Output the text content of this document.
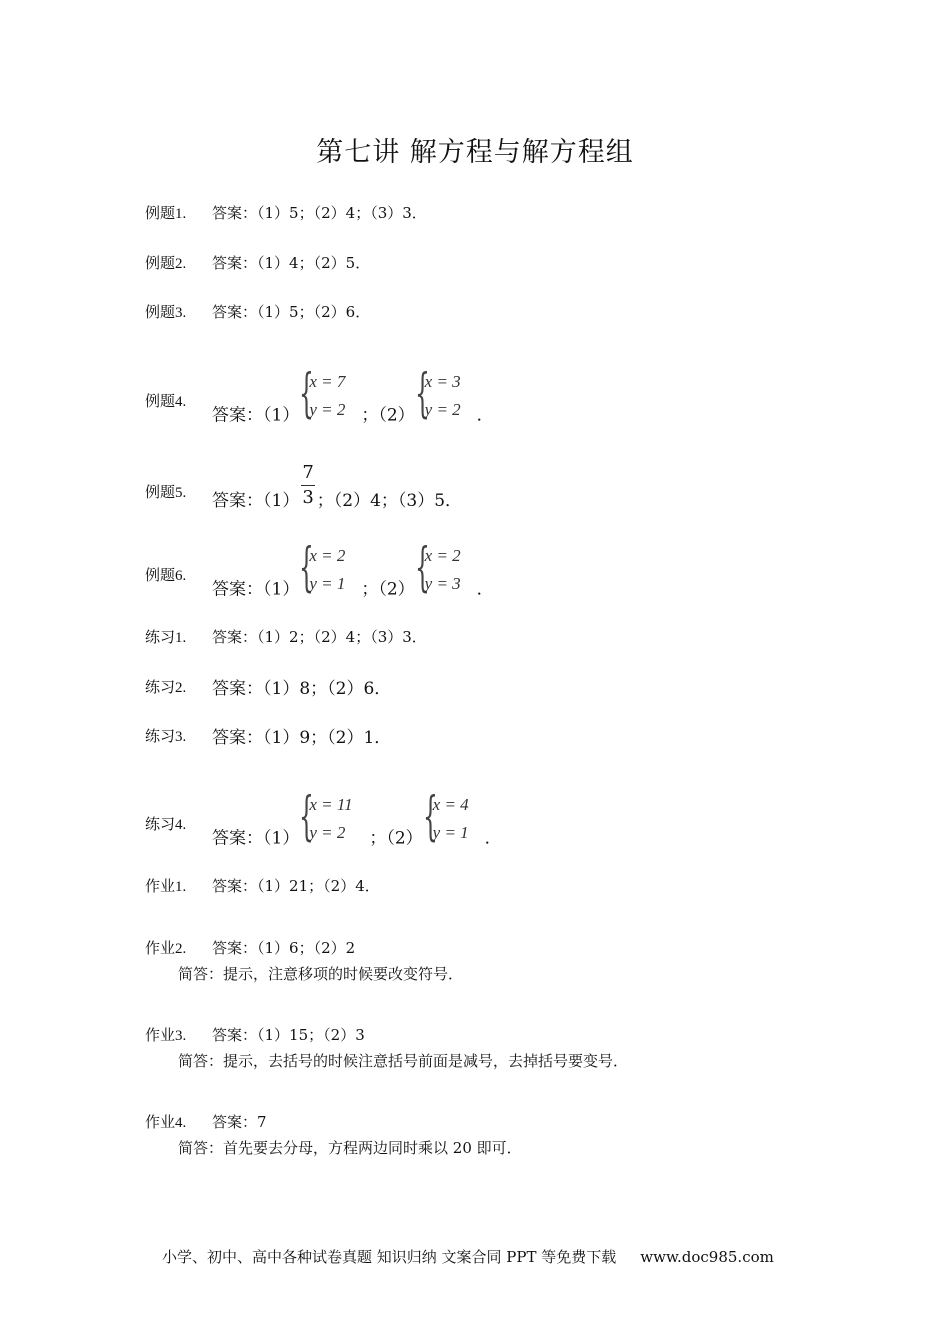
第七讲 解方程与解方程组
例题1. 答案：（1）5；（2）4；（3）3．
例题2. 答案：（1）4；（2）5．
例题3. 答案：（1）5；（2）6．
例题4.
答案：（1） {
x = 7
y = 2 ；（2） {
x = 3
y = 2 ．
例题5. 答案：$(1) \frac{7}{3}$ ；（2）4；（3）5．
例题6.
答案：（1） {
x = 2
y = 1 ；（2） {
x = 2
y = 3 ．
练习1. 答案：（1）2；（2）4；（3）3．
练习2. 答案：（1）8；（2）6．
练习3. 答案：（1）9；（2）1．
练习4.
答案：（1） {
x = 11
y = 2 ；（2） {
x = 4
y = 1 ．
作业1. 答案：（1）21；（2）4．
作业2. 答案：（1）6；（2）2
简答：提示，注意移项的时候要改变符号．
作业3. 答案：（1）15；（2）3
简答：提示，去括号的时候注意括号前面是减号，去掉括号要变号．
作业4. 答案：7
简答：首先要去分母，方程两边同时乘以 20 即可．
小学、初中、高中各种试卷真题 知识归纳 文案合同 PPT 等免费下载 www.doc985.com
